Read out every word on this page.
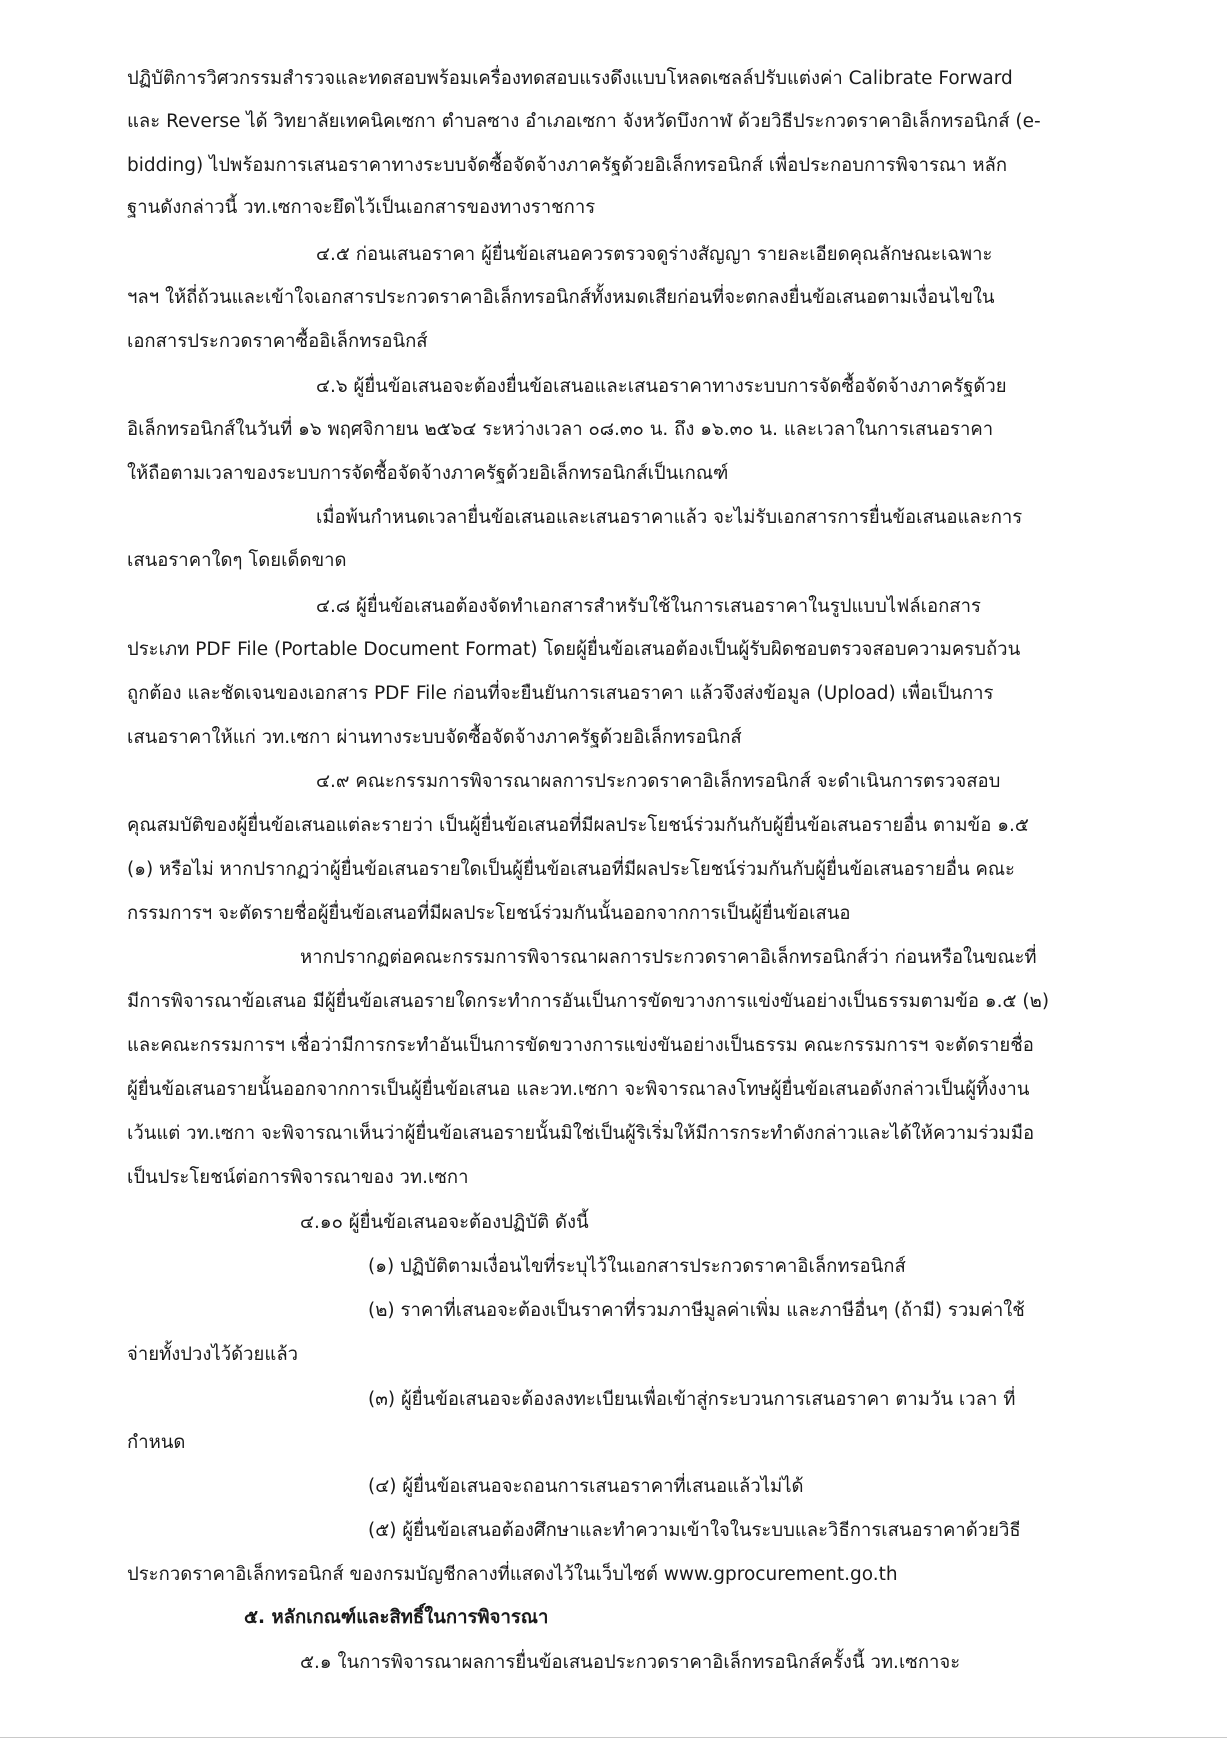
ปฏิบัติการวิศวกรรมสำรวจและทดสอบพร้อมเครื่องทดสอบแรงดึงแบบโหลดเซลล์ปรับแต่งค่า Calibrate Forward
และ Reverse ได้ วิทยาลัยเทคนิคเซกา ตำบลซาง อำเภอเซกา จังหวัดบึงกาฬ ด้วยวิธีประกวดราคาอิเล็กทรอนิกส์ (e-
bidding) ไปพร้อมการเสนอราคาทางระบบจัดซื้อจัดจ้างภาครัฐด้วยอิเล็กทรอนิกส์ เพื่อประกอบการพิจารณา หลัก
ฐานดังกล่าวนี้ วท.เซกาจะยึดไว้เป็นเอกสารของทางราชการ
๔.๕ ก่อนเสนอราคา ผู้ยื่นข้อเสนอควรตรวจดูร่างสัญญา รายละเอียดคุณลักษณะเฉพาะ
ฯลฯ ให้ถี่ถ้วนและเข้าใจเอกสารประกวดราคาอิเล็กทรอนิกส์ทั้งหมดเสียก่อนที่จะตกลงยื่นข้อเสนอตามเงื่อนไขใน
เอกสารประกวดราคาซื้ออิเล็กทรอนิกส์
๔.๖ ผู้ยื่นข้อเสนอจะต้องยื่นข้อเสนอและเสนอราคาทางระบบการจัดซื้อจัดจ้างภาครัฐด้วย
อิเล็กทรอนิกส์ในวันที่ ๑๖ พฤศจิกายน ๒๕๖๔ ระหว่างเวลา ๐๘.๓๐ น. ถึง ๑๖.๓๐ น. และเวลาในการเสนอราคา
ให้ถือตามเวลาของระบบการจัดซื้อจัดจ้างภาครัฐด้วยอิเล็กทรอนิกส์เป็นเกณฑ์
เมื่อพ้นกำหนดเวลายื่นข้อเสนอและเสนอราคาแล้ว จะไม่รับเอกสารการยื่นข้อเสนอและการ
เสนอราคาใดๆ โดยเด็ดขาด
๔.๘ ผู้ยื่นข้อเสนอต้องจัดทำเอกสารสำหรับใช้ในการเสนอราคาในรูปแบบไฟล์เอกสาร
ประเภท PDF File (Portable Document Format) โดยผู้ยื่นข้อเสนอต้องเป็นผู้รับผิดชอบตรวจสอบความครบถ้วน
ถูกต้อง และชัดเจนของเอกสาร PDF File ก่อนที่จะยืนยันการเสนอราคา แล้วจึงส่งข้อมูล (Upload) เพื่อเป็นการ
เสนอราคาให้แก่ วท.เซกา ผ่านทางระบบจัดซื้อจัดจ้างภาครัฐด้วยอิเล็กทรอนิกส์
๔.๙ คณะกรรมการพิจารณาผลการประกวดราคาอิเล็กทรอนิกส์ จะดำเนินการตรวจสอบ
คุณสมบัติของผู้ยื่นข้อเสนอแต่ละรายว่า เป็นผู้ยื่นข้อเสนอที่มีผลประโยชน์ร่วมกันกับผู้ยื่นข้อเสนอรายอื่น ตามข้อ ๑.๕
(๑) หรือไม่ หากปรากฏว่าผู้ยื่นข้อเสนอรายใดเป็นผู้ยื่นข้อเสนอที่มีผลประโยชน์ร่วมกันกับผู้ยื่นข้อเสนอรายอื่น คณะ
กรรมการฯ จะตัดรายชื่อผู้ยื่นข้อเสนอที่มีผลประโยชน์ร่วมกันนั้นออกจากการเป็นผู้ยื่นข้อเสนอ
หากปรากฏต่อคณะกรรมการพิจารณาผลการประกวดราคาอิเล็กทรอนิกส์ว่า ก่อนหรือในขณะที่
มีการพิจารณาข้อเสนอ มีผู้ยื่นข้อเสนอรายใดกระทำการอันเป็นการขัดขวางการแข่งขันอย่างเป็นธรรมตามข้อ ๑.๕ (๒)
และคณะกรรมการฯ เชื่อว่ามีการกระทำอันเป็นการขัดขวางการแข่งขันอย่างเป็นธรรม คณะกรรมการฯ จะตัดรายชื่อ
ผู้ยื่นข้อเสนอรายนั้นออกจากการเป็นผู้ยื่นข้อเสนอ และวท.เซกา จะพิจารณาลงโทษผู้ยื่นข้อเสนอดังกล่าวเป็นผู้ทิ้งงาน
เว้นแต่ วท.เซกา จะพิจารณาเห็นว่าผู้ยื่นข้อเสนอรายนั้นมิใช่เป็นผู้ริเริ่มให้มีการกระทำดังกล่าวและได้ให้ความร่วมมือ
เป็นประโยชน์ต่อการพิจารณาของ วท.เซกา
๔.๑๐ ผู้ยื่นข้อเสนอจะต้องปฏิบัติ ดังนี้
(๑) ปฏิบัติตามเงื่อนไขที่ระบุไว้ในเอกสารประกวดราคาอิเล็กทรอนิกส์
(๒) ราคาที่เสนอจะต้องเป็นราคาที่รวมภาษีมูลค่าเพิ่ม และภาษีอื่นๆ (ถ้ามี) รวมค่าใช้
จ่ายทั้งปวงไว้ด้วยแล้ว
(๓) ผู้ยื่นข้อเสนอจะต้องลงทะเบียนเพื่อเข้าสู่กระบวนการเสนอราคา ตามวัน เวลา ที่
กำหนด
(๔) ผู้ยื่นข้อเสนอจะถอนการเสนอราคาที่เสนอแล้วไม่ได้
(๕) ผู้ยื่นข้อเสนอต้องศึกษาและทำความเข้าใจในระบบและวิธีการเสนอราคาด้วยวิธี
ประกวดราคาอิเล็กทรอนิกส์ ของกรมบัญชีกลางที่แสดงไว้ในเว็บไซต์ www.gprocurement.go.th
๕. หลักเกณฑ์และสิทธิ์ในการพิจารณา
๕.๑ ในการพิจารณาผลการยื่นข้อเสนอประกวดราคาอิเล็กทรอนิกส์ครั้งนี้ วท.เซกาจะ
